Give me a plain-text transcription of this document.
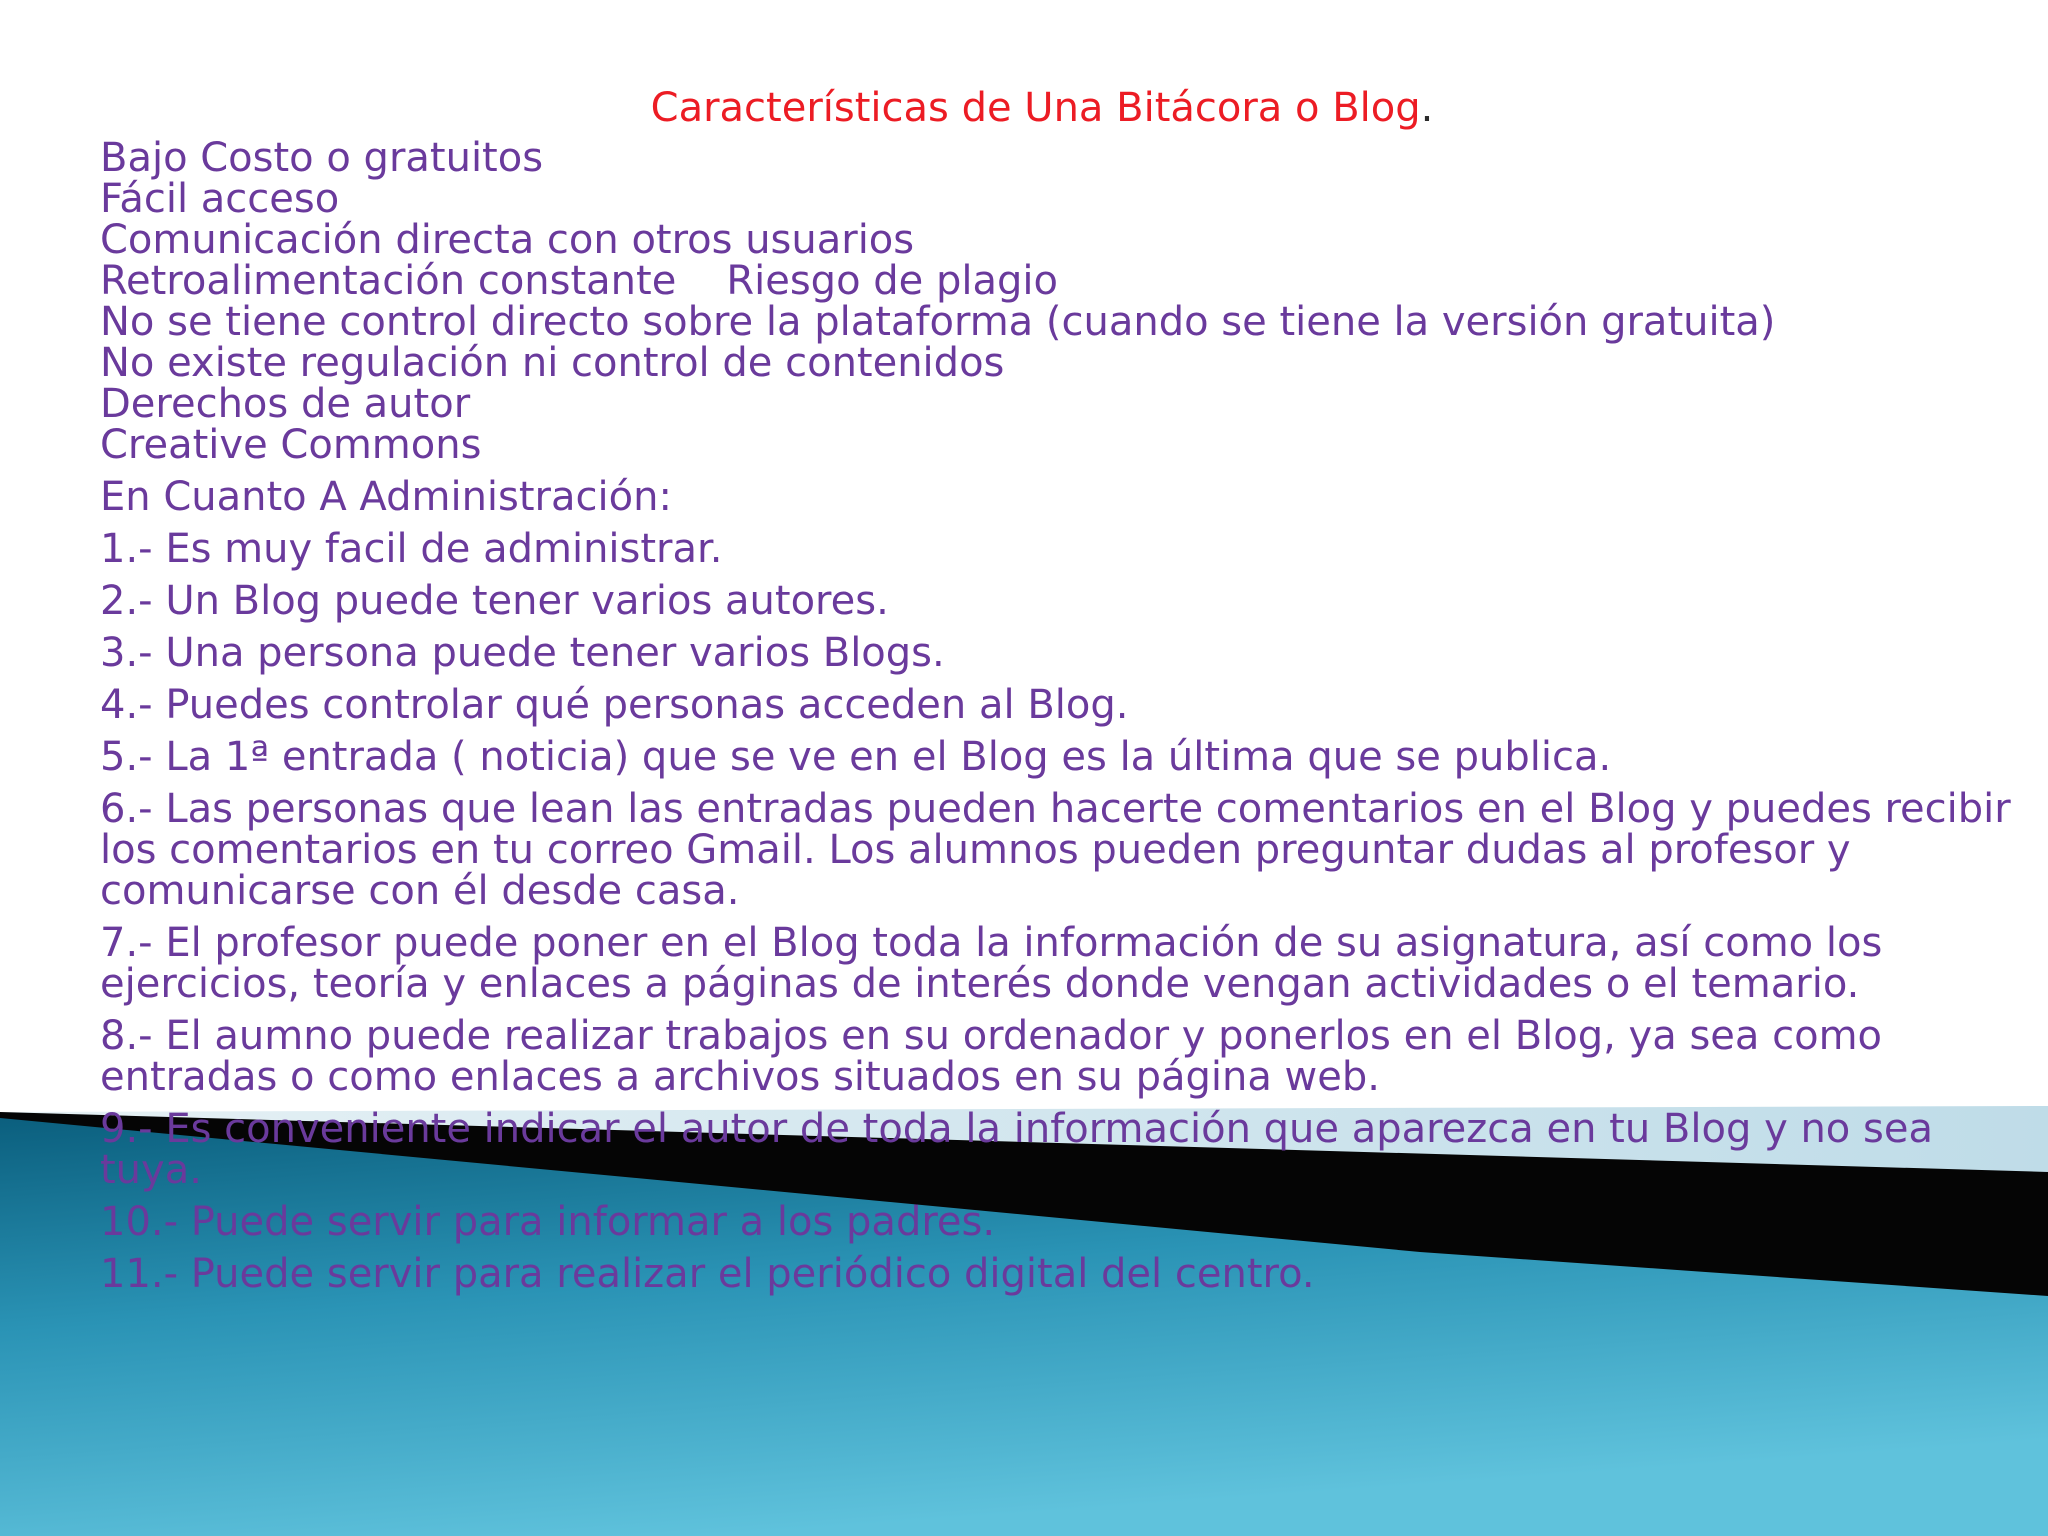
Características de Una Bitácora o Blog.
Bajo Costo o gratuitos
Fácil acceso
Comunicación directa con otros usuarios
Retroalimentación constante Riesgo de plagio
No se tiene control directo sobre la plataforma (cuando se tiene la versión gratuita)
No existe regulación ni control de contenidos
Derechos de autor
Creative Commons
En Cuanto A Administración:
1.- Es muy facil de administrar.
2.- Un Blog puede tener varios autores.
3.- Una persona puede tener varios Blogs.
4.- Puedes controlar qué personas acceden al Blog.
5.- La 1ª entrada ( noticia) que se ve en el Blog es la última que se publica.
6.- Las personas que lean las entradas pueden hacerte comentarios en el Blog y puedes recibir los comentarios en tu correo Gmail. Los alumnos pueden preguntar dudas al profesor y comunicarse con él desde casa.
7.- El profesor puede poner en el Blog toda la información de su asignatura, así como los ejercicios, teoría y enlaces a páginas de interés donde vengan actividades o el temario.
8.- El aumno puede realizar trabajos en su ordenador y ponerlos en el Blog, ya sea como entradas o como enlaces a archivos situados en su página web.
9.- Es conveniente indicar el autor de toda la información que aparezca en tu Blog y no sea tuya.
10.- Puede servir para informar a los padres.
11.- Puede servir para realizar el periódico digital del centro.
